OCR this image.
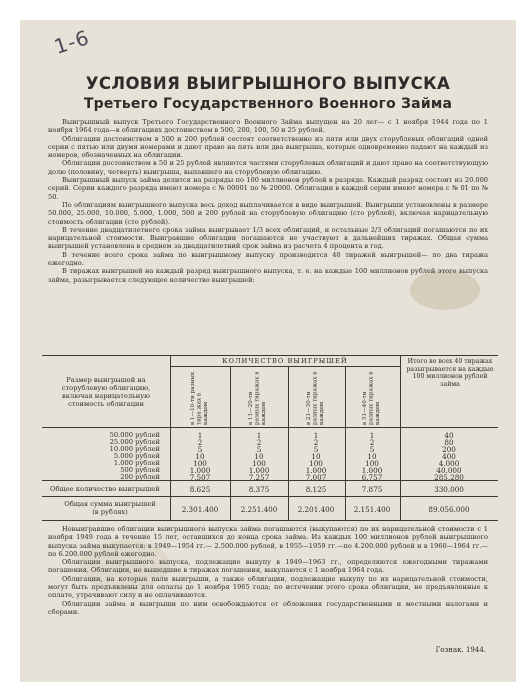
1-6
УСЛОВИЯ ВЫИГРЫШНОГО ВЫПУСКА
Третьего Государственного Военного Займа

Выигрышный выпуск Третьего Государственного Военного Займа выпущен на 20 лет— с 1 ноября 1944 года по 1 ноября 1964 года—в облигациях достоинством в 500, 200, 100, 50 и 25 рублей.

Облигации достоинством в 500 и 200 рублей состоят соответственно из пяти или двух сторублевых облигаций одной серии с пятью или двумя номерами и дают право на пять или два выигрыша, которые одновременно падают на каждый из номеров, обозначенных на облигации.

Облигации достоинством в 50 и 25 рублей являются частями сторублевых облигаций и дают право на соответствующую долю (половину, четверть) выигрыша, выпавшего на сторублевую облигацию.

Выигрышный выпуск займа делится на разряды по 100 миллионов рублей в разряде. Каждый разряд состоит из 20.000 серий. Серии каждого разряда имеют номера с № 00001 по № 20000. Облигации в каждой серии имеют номера с № 01 по № 50.

По облигациям выигрышного выпуска весь доход выплачивается в виде выигрышей. Выигрыши установлены в размере 50.000, 25.000, 10.000, 5.000, 1.000, 500 и 200 рублей на сторублевую облигацию (сто рублей), включая нарицательную стоимость облигации (сто рублей).

В течение двадцатилетнего срока займа выигрывает 1/3 всех облигаций, и остальные 2/3 облигаций погашаются по их нарицательной стоимости. Выигравшие облигации погашаются не участвуют в дальнейших тиражах. Общая сумма выигрышей установлена в среднем за двадцатилетний срок займа из расчета 4 процента в год.

В течение всего срока займа по выигрышному выпуску производится 40 тиражей выигрышей— по два тиража ежегодно.

В тиражах выигрышей на каждый разряд выигрышного выпуска, т. е. на каждые 100 миллионов рублей этого выпуска займа, разыгрывается следующее количество выигрышей:

Размер выигрышей на сторублевую облигацию, включая нарицательную стоимость облигации
КОЛИЧЕСТВО ВЫИГРЫШЕЙ
в 1—10-ти разных тира жах в каждом	в 11—20-ти разных тиражах в каждом	в 21—30-ти разных тиражах в каждом	в 31—40-ти разных тиражах в каждом
Итого во всех 40 тиражах разыгрывается на каждые 100 миллионов рублей займа
50.000 рублей	1	1	1	1	40
25.000 рублей	2	2	2	2	80
10.000 рублей	5	5	5	5	200
5.000 рублей	10	10	10	10	400
1.000 рублей	100	100	100	100	4.000
500 рублей	1.000	1.000	1.000	1.000	40.000
200 рублей	7.507	7.257	7.007	6.757	285.280
Общее количество выигрышей	8.625	8.375	8.125	7.875	330.000
Общая сумма выигрышей (в рублях)	2.301.400	2.251.400	2.201.400	2.151.400	89.056.000

Невыигравшие облигации выигрышного выпуска займа погашаются (выкупаются) по их нарицательной стоимости с 1 ноября 1949 года в течение 15 лет, оставшихся до конца срока займа. Из каждых 100 миллионов рублей выигрышного выпуска займа выкупается: в 1949—1954 гг.— 2.500.000 рублей, в 1955—1959 гг.—по 4.200.000 рублей и в 1960—1964 гг.—по 6.200.000 рублей ежегодно.

Облигации выигрышного выпуска, подлежащие выкупу в 1949—1963 гг., определяются ежегодными тиражами погашения. Облигации, не вышедшие в тиражах погашения, выкупаются с 1 ноября 1964 года.

Облигации, на которые пали выигрыши, а также облигации, подлежащие выкупу по их нарицательной стоимости, могут быть предъявлены для оплаты до 1 ноября 1965 года; по истечении этого срока облигации, не предъявленные к оплате, утрачивают силу и не оплачиваются.

Облигации займа и выигрыши по ним освобождаются от обложения государственными и местными налогами и сборами.

Гознак. 1944.
